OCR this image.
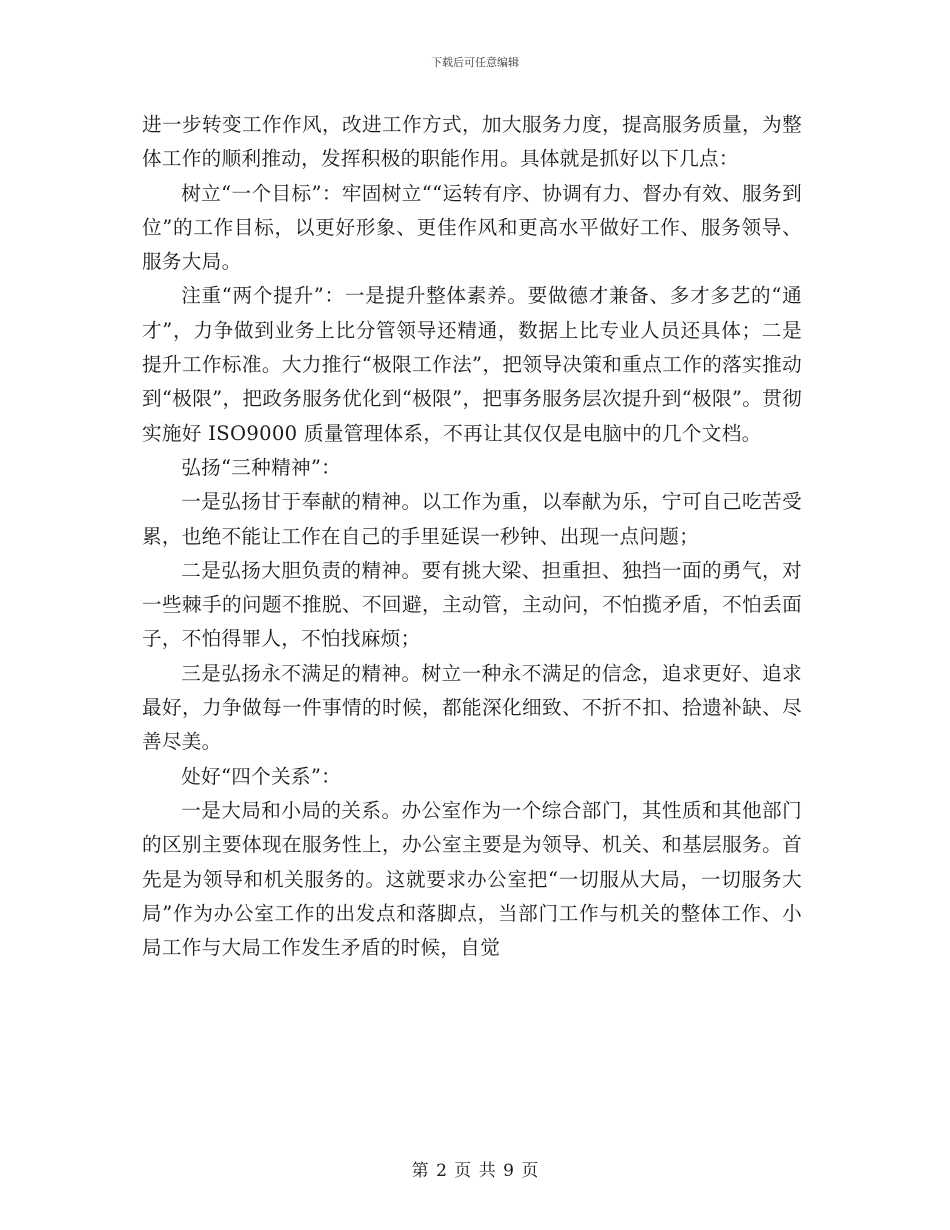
下载后可任意编辑

进一步转变工作作风，改进工作方式，加大服务力度，提高服务质量，为整体工作的顺利推动，发挥积极的职能作用。具体就是抓好以下几点：

树立“一个目标”：牢固树立““运转有序、协调有力、督办有效、服务到位”的工作目标，以更好形象、更佳作风和更高水平做好工作、服务领导、服务大局。

注重“两个提升”：一是提升整体素养。要做德才兼备、多才多艺的“通才”，力争做到业务上比分管领导还精通，数据上比专业人员还具体；二是提升工作标准。大力推行“极限工作法”，把领导决策和重点工作的落实推动到“极限”，把政务服务优化到“极限”，把事务服务层次提升到“极限”。贯彻实施好 ISO9000 质量管理体系，不再让其仅仅是电脑中的几个文档。

弘扬“三种精神”：

一是弘扬甘于奉献的精神。以工作为重，以奉献为乐，宁可自己吃苦受累，也绝不能让工作在自己的手里延误一秒钟、出现一点问题；

二是弘扬大胆负责的精神。要有挑大梁、担重担、独挡一面的勇气，对一些棘手的问题不推脱、不回避，主动管，主动问，不怕揽矛盾，不怕丢面子，不怕得罪人，不怕找麻烦；

三是弘扬永不满足的精神。树立一种永不满足的信念，追求更好、追求最好，力争做每一件事情的时候，都能深化细致、不折不扣、拾遗补缺、尽善尽美。

处好“四个关系”：

一是大局和小局的关系。办公室作为一个综合部门，其性质和其他部门的区别主要体现在服务性上，办公室主要是为领导、机关、和基层服务。首先是为领导和机关服务的。这就要求办公室把“一切服从大局，一切服务大局”作为办公室工作的出发点和落脚点，当部门工作与机关的整体工作、小局工作与大局工作发生矛盾的时候，自觉

第 2 页 共 9 页
